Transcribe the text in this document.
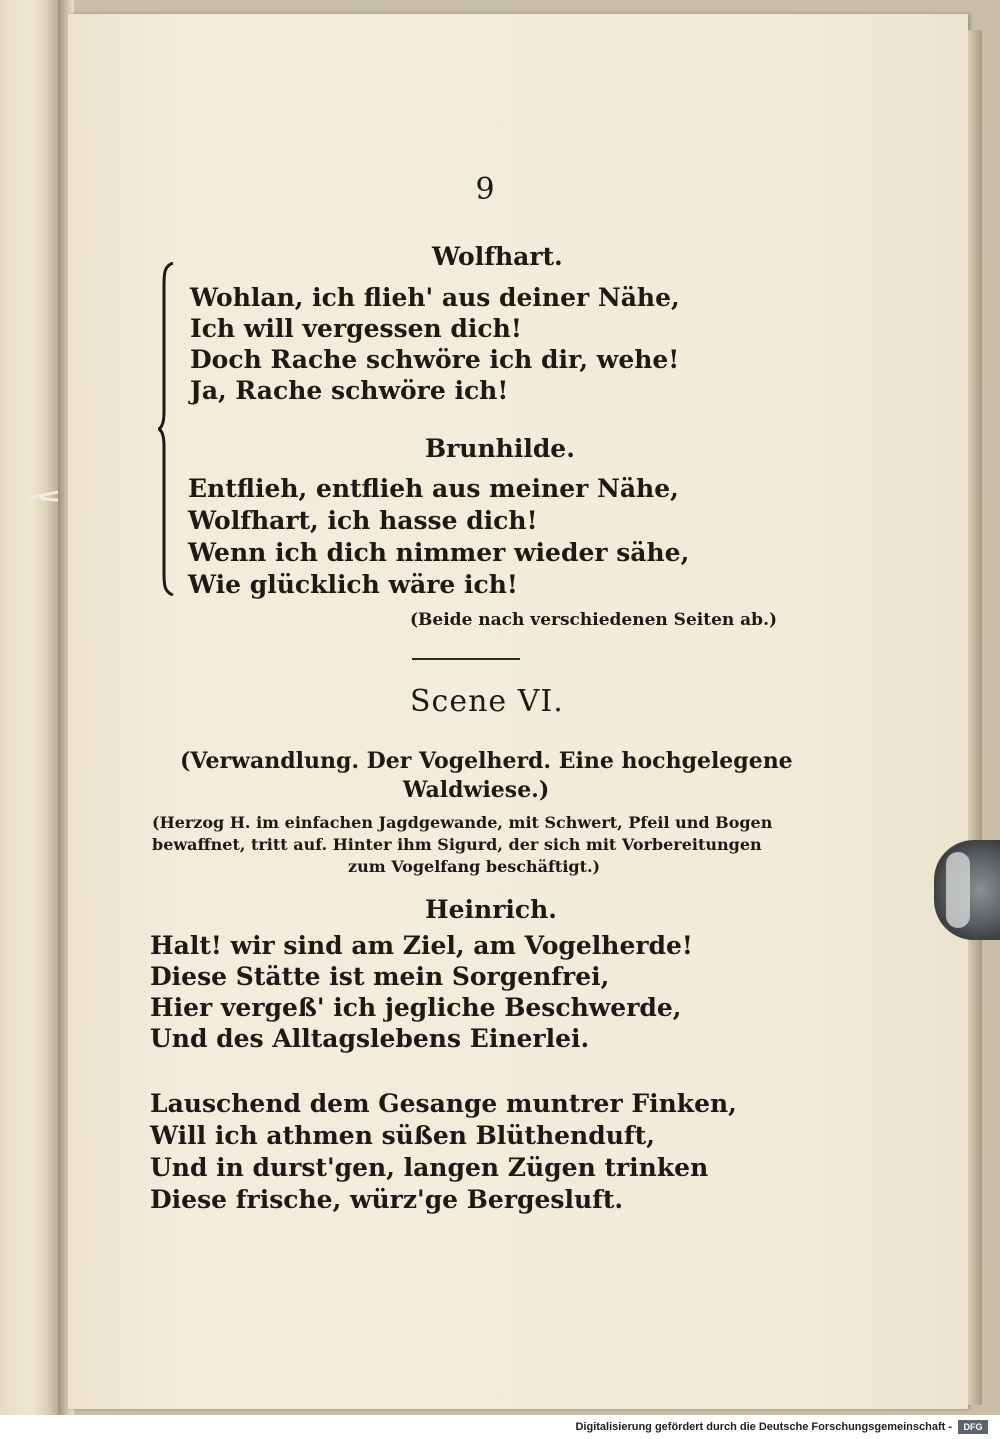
9
Wolfhart.
Wohlan, ich flieh' aus deiner Nähe,
Ich will vergessen dich!
Doch Rache schwöre ich dir, wehe!
Ja, Rache schwöre ich!
Brunhilde.
Entflieh, entflieh aus meiner Nähe,
Wolfhart, ich hasse dich!
Wenn ich dich nimmer wieder sähe,
Wie glücklich wäre ich!
(Beide nach verschiedenen Seiten ab.)
Scene VI.
(Verwandlung. Der Vogelherd. Eine hochgelegene
Waldwiese.)
(Herzog H. im einfachen Jagdgewande, mit Schwert, Pfeil und Bogen
bewaffnet, tritt auf. Hinter ihm Sigurd, der sich mit Vorbereitungen
zum Vogelfang beschäftigt.)
Heinrich.
Halt! wir sind am Ziel, am Vogelherde!
Diese Stätte ist mein Sorgenfrei,
Hier vergeß' ich jegliche Beschwerde,
Und des Alltagslebens Einerlei.
Lauschend dem Gesange muntrer Finken,
Will ich athmen süßen Blüthenduft,
Und in durst'gen, langen Zügen trinken
Diese frische, würz'ge Bergesluft.
Digitalisierung gefördert durch die Deutsche Forschungsgemeinschaft -	DFG
